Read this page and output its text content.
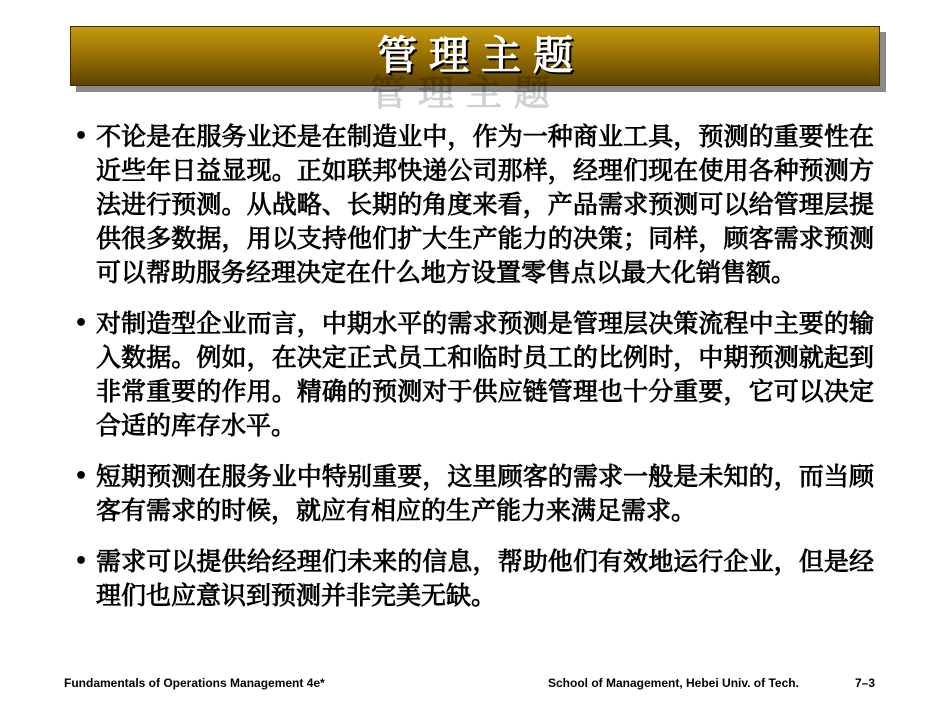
管理主题
管理主题
• 不论是在服务业还是在制造业中，作为一种商业工具，预测的重要性在近些年日益显现。正如联邦快递公司那样，经理们现在使用各种预测方法进行预测。从战略、长期的角度来看，产品需求预测可以给管理层提供很多数据，用以支持他们扩大生产能力的决策；同样，顾客需求预测可以帮助服务经理决定在什么地方设置零售点以最大化销售额。
• 对制造型企业而言，中期水平的需求预测是管理层决策流程中主要的输入数据。例如，在决定正式员工和临时员工的比例时，中期预测就起到非常重要的作用。精确的预测对于供应链管理也十分重要，它可以决定合适的库存水平。
• 短期预测在服务业中特别重要，这里顾客的需求一般是未知的，而当顾客有需求的时候，就应有相应的生产能力来满足需求。
• 需求可以提供给经理们未来的信息，帮助他们有效地运行企业，但是经理们也应意识到预测并非完美无缺。
Fundamentals of Operations Management 4e*	School of Management, Hebei Univ. of Tech.	7–3
